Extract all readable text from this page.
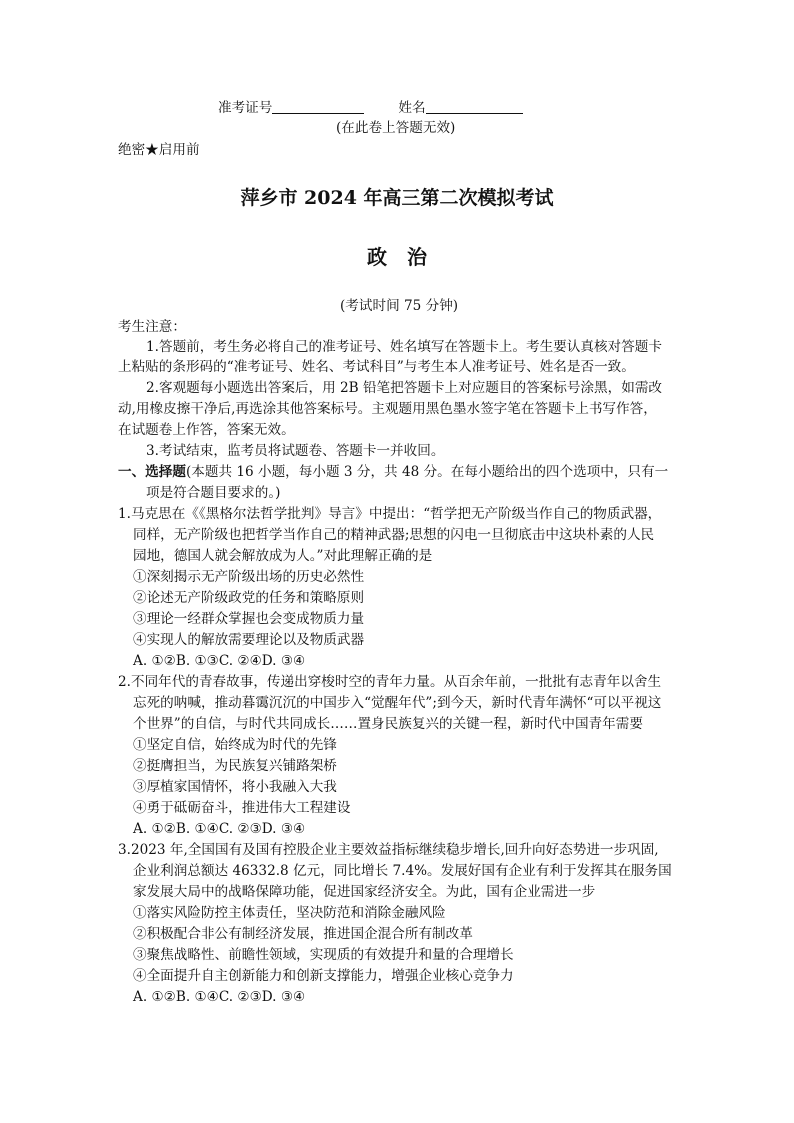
准考证号	姓名
(在此卷上答题无效)
绝密★启用前
萍乡市 2024 年高三第二次模拟考试
政　治
(考试时间 75 分钟)
考生注意：
1.答题前，考生务必将自己的准考证号、姓名填写在答题卡上。考生要认真核对答题卡
上粘贴的条形码的“准考证号、姓名、考试科目”与考生本人准考证号、姓名是否一致。
2.客观题每小题选出答案后，用 2B 铅笔把答题卡上对应题目的答案标号涂黑，如需改
动,用橡皮擦干净后,再选涂其他答案标号。主观题用黑色墨水签字笔在答题卡上书写作答，
在试题卷上作答，答案无效。
3.考试结束，监考员将试题卷、答题卡一并收回。
一、选择题(本题共 16 小题，每小题 3 分，共 48 分。在每小题给出的四个选项中，只有一
项是符合题目要求的。)
1.马克思在《《黑格尔法哲学批判》导言》中提出：“哲学把无产阶级当作自己的物质武器，
同样，无产阶级也把哲学当作自己的精神武器;思想的闪电一旦彻底击中这块朴素的人民
园地，德国人就会解放成为人。”对此理解正确的是
①深刻揭示无产阶级出场的历史必然性
②论述无产阶级政党的任务和策略原则
③理论一经群众掌握也会变成物质力量
④实现人的解放需要理论以及物质武器
A. ①②B. ①③C. ②④D. ③④
2.不同年代的青春故事，传递出穿梭时空的青年力量。从百余年前，一批批有志青年以舍生
忘死的呐喊，推动暮霭沉沉的中国步入“觉醒年代”;到今天，新时代青年满怀“可以平视这
个世界”的自信，与时代共同成长……置身民族复兴的关键一程，新时代中国青年需要
①坚定自信，始终成为时代的先锋
②挺膺担当，为民族复兴铺路架桥
③厚植家国情怀，将小我融入大我
④勇于砥砺奋斗，推进伟大工程建设
A. ①②B. ①④C. ②③D. ③④
3.2023 年,全国国有及国有控股企业主要效益指标继续稳步增长,回升向好态势进一步巩固,
企业利润总额达 46332.8 亿元，同比增长 7.4%。发展好国有企业有利于发挥其在服务国
家发展大局中的战略保障功能，促进国家经济安全。为此，国有企业需进一步
①落实风险防控主体责任，坚决防范和消除金融风险
②积极配合非公有制经济发展，推进国企混合所有制改革
③聚焦战略性、前瞻性领域，实现质的有效提升和量的合理增长
④全面提升自主创新能力和创新支撑能力，增强企业核心竞争力
A. ①②B. ①④C. ②③D. ③④
